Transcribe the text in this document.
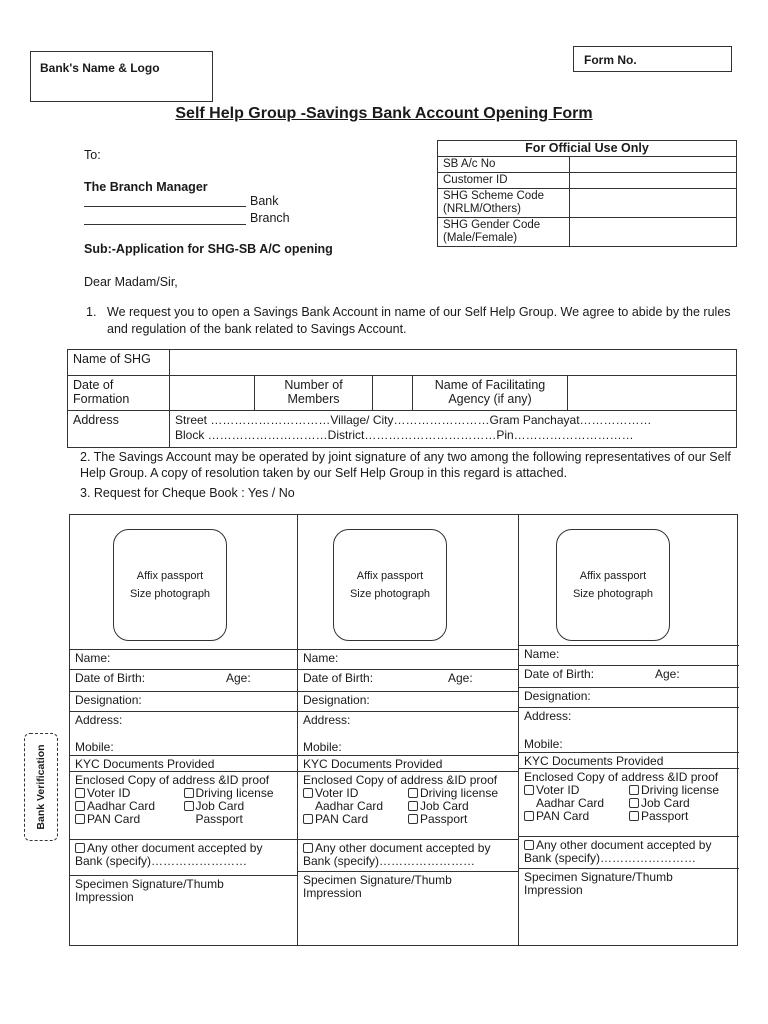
Bank's Name & Logo
Form No.
Self Help Group -Savings Bank Account Opening Form
To:
The Branch Manager
Bank
Branch
Sub:-Application for SHG-SB A/C opening
Dear Madam/Sir,
For Official Use Only	
SB A/c No	
Customer ID	
SHG Scheme Code (NRLM/Others)	
SHG Gender Code (Male/Female)	
1. We request you to open a Savings Bank Account in name of our Self Help Group. We agree to abide by the rules and regulation of the bank related to Savings Account.
Name of SHG					
Date of Formation		Number of Members		Name of Facilitating Agency (if any)	
Address	Street …………………………Village/ City……………………Gram Panchayat………………
Block …………………………District……………………………Pin…………………………				
2. The Savings Account may be operated by joint signature of any two among the following representatives of our Self Help Group. A copy of resolution taken by our Self Help Group in this regard is attached.
3. Request for Cheque Book : Yes / No
Bank Verification
Affix passport
Size photograph
Name:
Date of Birth:	Age:
Designation:
Address:
Mobile:
KYC Documents Provided
Enclosed Copy of address &ID proof
Voter ID
Aadhar Card
PAN Card
Driving license
Job Card
Passport
Any other document accepted by
Bank (specify)……………………
Specimen Signature/Thumb Impression
Affix passport
Size photograph
Name:
Date of Birth:	Age:
Designation:
Address:
Mobile:
KYC Documents Provided
Enclosed Copy of address &ID proof
Voter ID
Aadhar Card
PAN Card
Driving license
Job Card
Passport
Any other document accepted by
Bank (specify)……………………
Specimen Signature/Thumb Impression
Affix passport
Size photograph
Name:
Date of Birth:	Age:
Designation:
Address:
Mobile:
KYC Documents Provided
Enclosed Copy of address &ID proof
Voter ID
Aadhar Card
PAN Card
Driving license
Job Card
Passport
Any other document accepted by
Bank (specify)……………………
Specimen Signature/Thumb Impression
